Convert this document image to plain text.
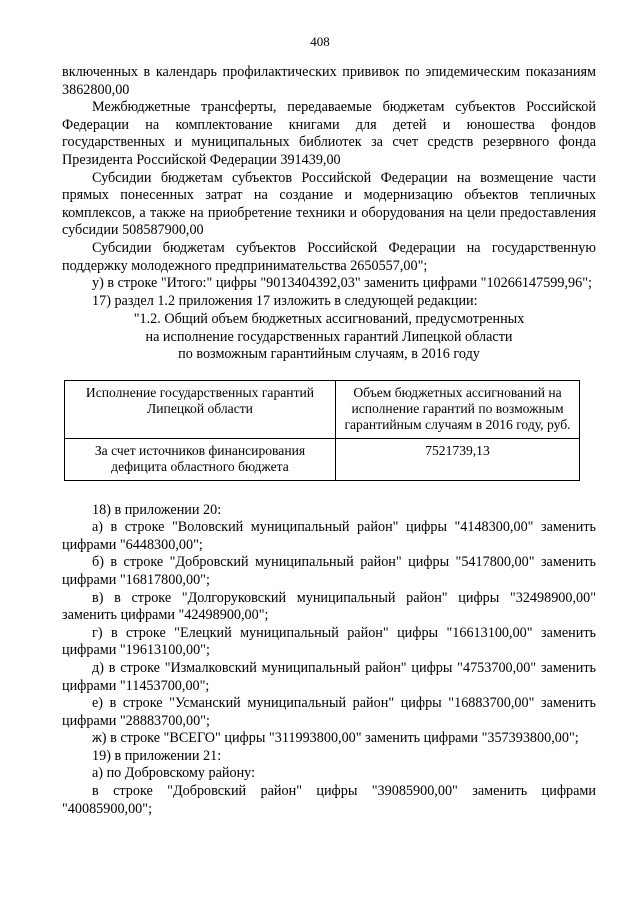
408

включенных в календарь профилактических прививок по эпидемическим показаниям 3862800,00

Межбюджетные трансферты, передаваемые бюджетам субъектов Российской Федерации на комплектование книгами для детей и юношества фондов государственных и муниципальных библиотек за счет средств резервного фонда Президента Российской Федерации 391439,00

Субсидии бюджетам субъектов Российской Федерации на возмещение части прямых понесенных затрат на создание и модернизацию объектов тепличных комплексов, а также на приобретение техники и оборудования на цели предоставления субсидии 508587900,00

Субсидии бюджетам субъектов Российской Федерации на государственную поддержку молодежного предпринимательства 2650557,00";

у) в строке "Итого:" цифры "9013404392,03" заменить цифрами "10266147599,96";

17) раздел 1.2 приложения 17 изложить в следующей редакции:

"1.2. Общий объем бюджетных ассигнований, предусмотренных

на исполнение государственных гарантий Липецкой области

по возможным гарантийным случаям, в 2016 году

Исполнение государственных гарантий Липецкой области	Объем бюджетных ассигнований на исполнение гарантий по возможным гарантийным случаям в 2016 году, руб.
За счет источников финансирования дефицита областного бюджета	7521739,13

18) в приложении 20:

а) в строке "Воловский муниципальный район" цифры "4148300,00" заменить цифрами "6448300,00";

б) в строке "Добровский муниципальный район" цифры "5417800,00" заменить цифрами "16817800,00";

в) в строке "Долгоруковский муниципальный район" цифры "32498900,00" заменить цифрами "42498900,00";

г) в строке "Елецкий муниципальный район" цифры "16613100,00" заменить цифрами "19613100,00";

д) в строке "Измалковский муниципальный район" цифры "4753700,00" заменить цифрами "11453700,00";

е) в строке "Усманский муниципальный район" цифры "16883700,00" заменить цифрами "28883700,00";

ж) в строке "ВСЕГО" цифры "311993800,00" заменить цифрами "357393800,00";

19) в приложении 21:

а) по Добровскому району:

в строке "Добровский район" цифры "39085900,00" заменить цифрами "40085900,00";
